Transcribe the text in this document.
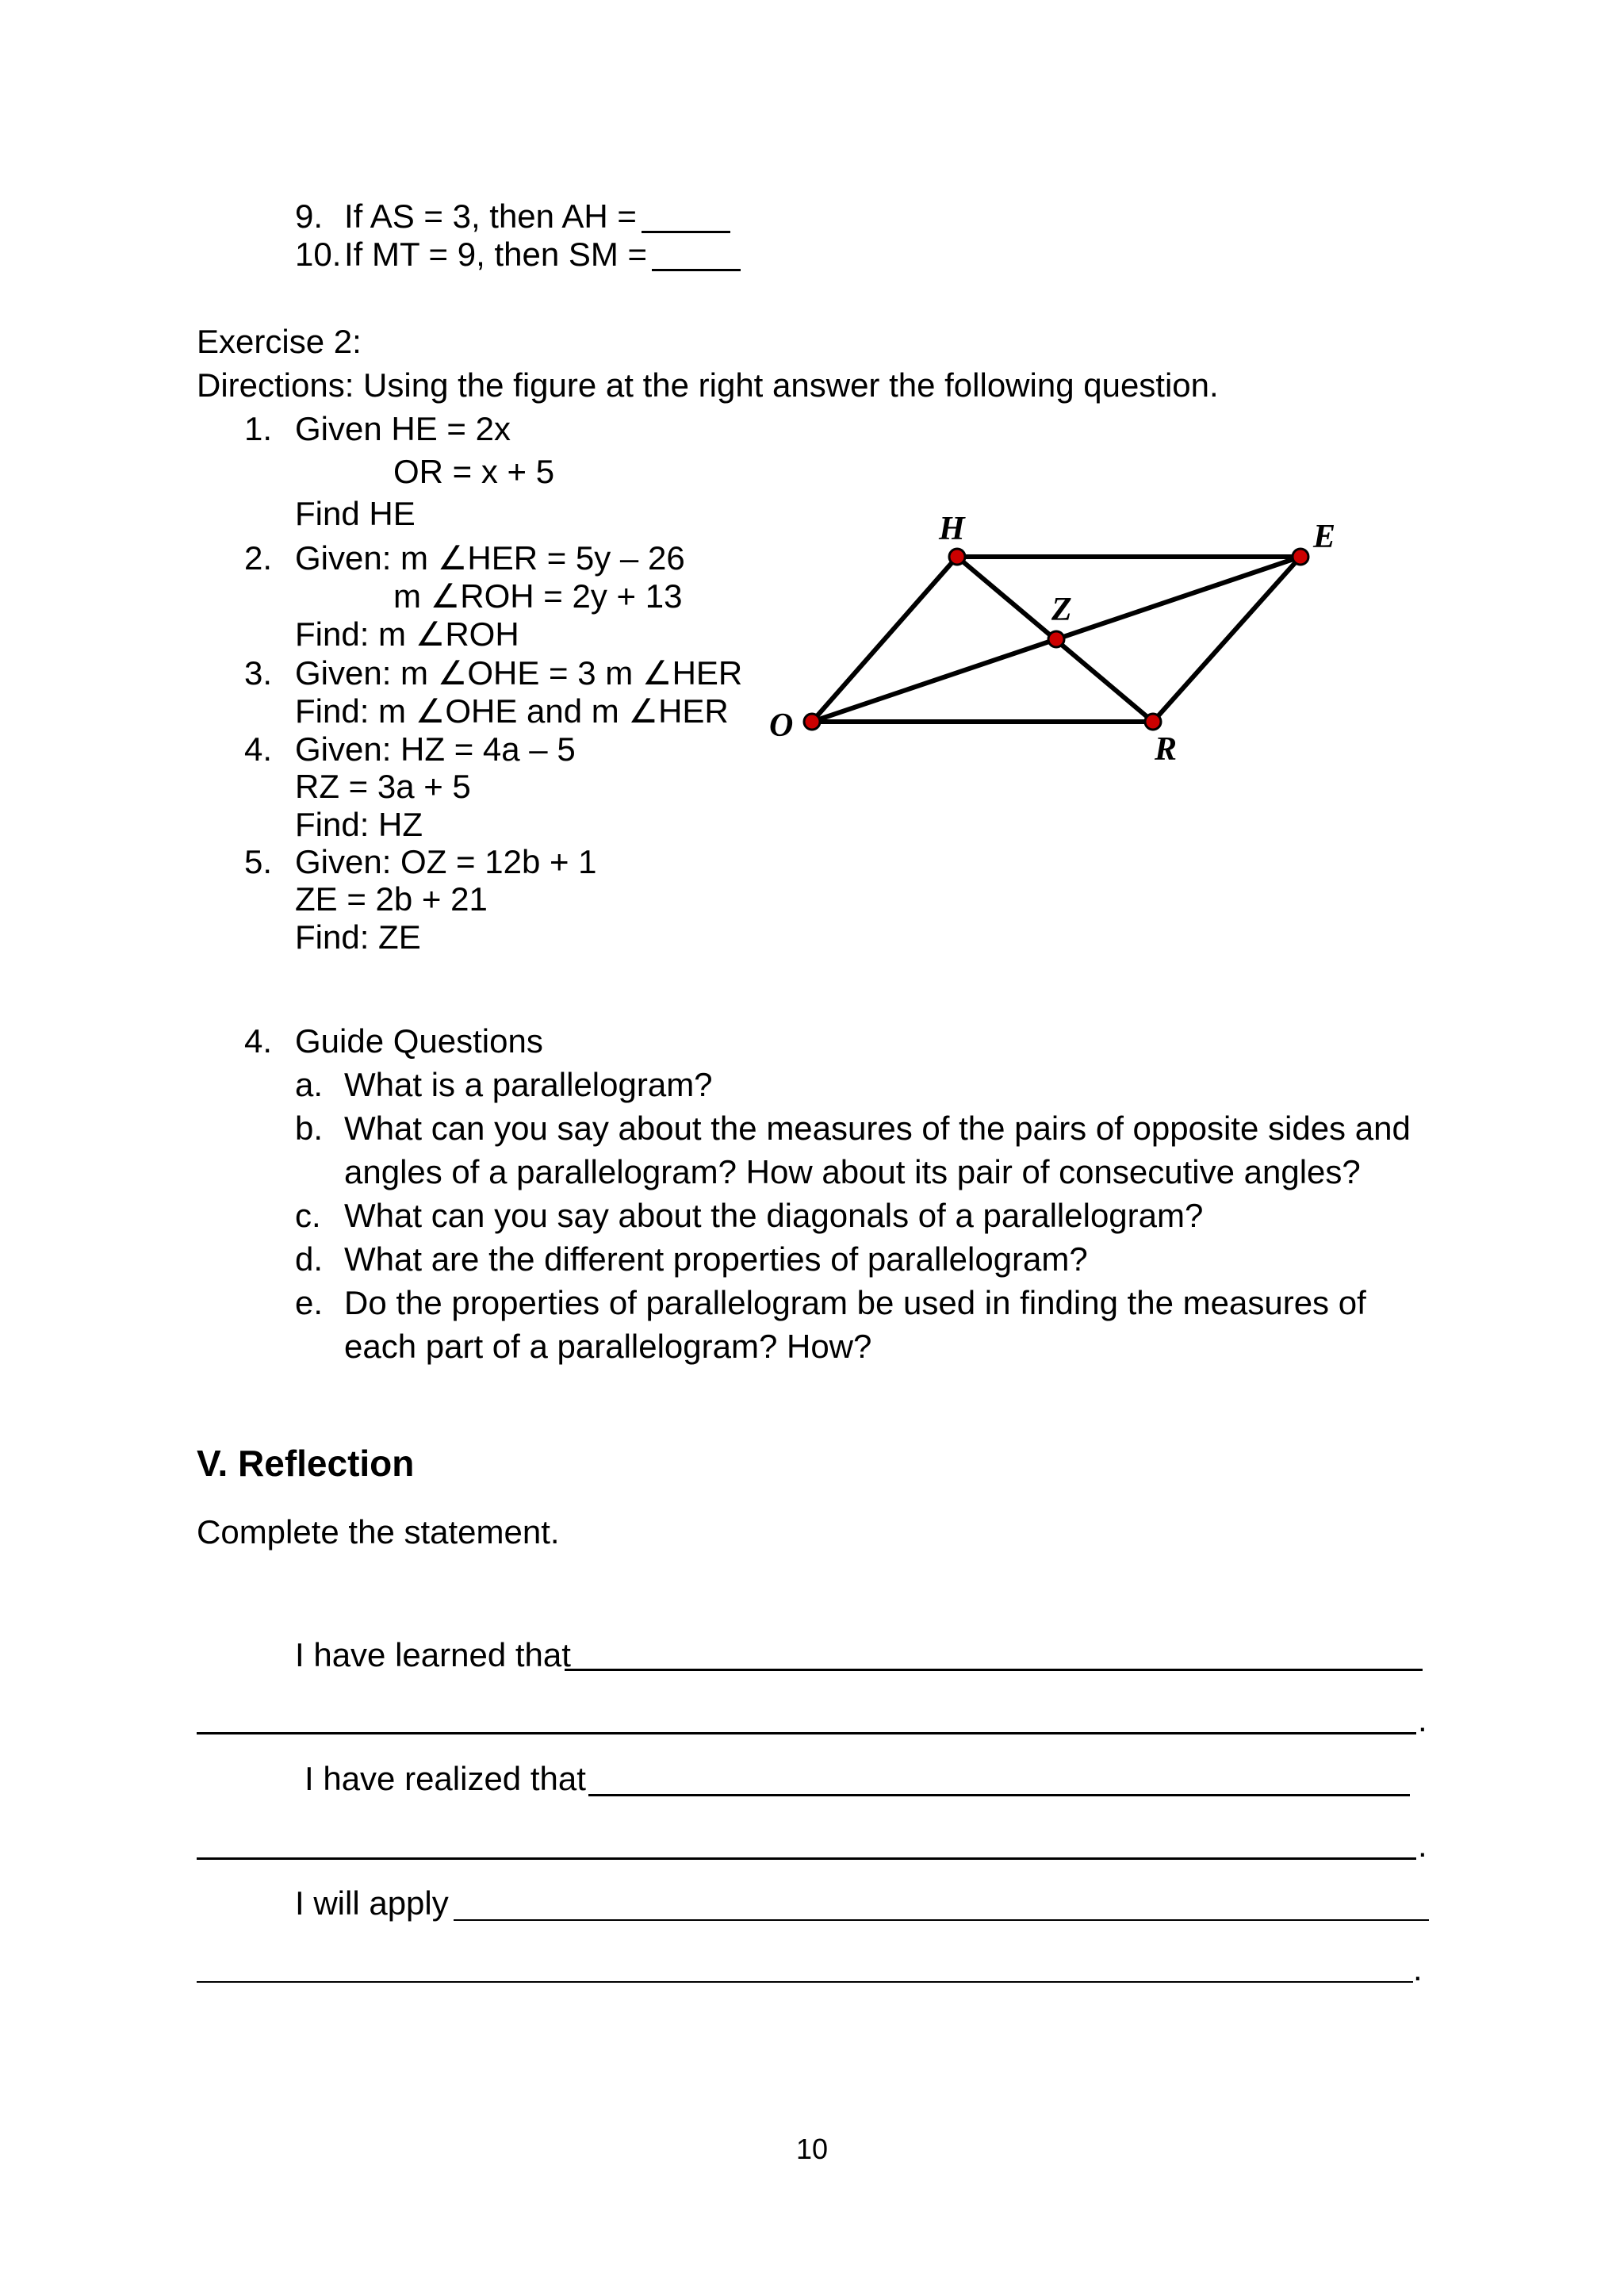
9. If AS = 3, then AH =
10. If MT = 9, then SM =
Exercise 2:
Directions: Using the figure at the right answer the following question.
1. Given HE = 2x
OR = x + 5
Find HE
2. Given: m ∠HER = 5y – 26
m ∠ROH = 2y + 13
Find: m ∠ROH
3. Given: m ∠OHE = 3 m ∠HER
Find: m ∠OHE and m ∠HER
4. Given: HZ = 4a – 5
RZ = 3a + 5
Find: HZ
5. Given: OZ = 12b + 1
ZE = 2b + 21
Find: ZE
H	E
Z
O
R
4. Guide Questions
a. What is a parallelogram?
b. What can you say about the measures of the pairs of opposite sides and
angles of a parallelogram? How about its pair of consecutive angles?
c. What can you say about the diagonals of a parallelogram?
d. What are the different properties of parallelogram?
e. Do the properties of parallelogram be used in finding the measures of
each part of a parallelogram? How?
V. Reflection
Complete the statement.
I have learned that
.
I have realized that
.
I will apply
.
10
